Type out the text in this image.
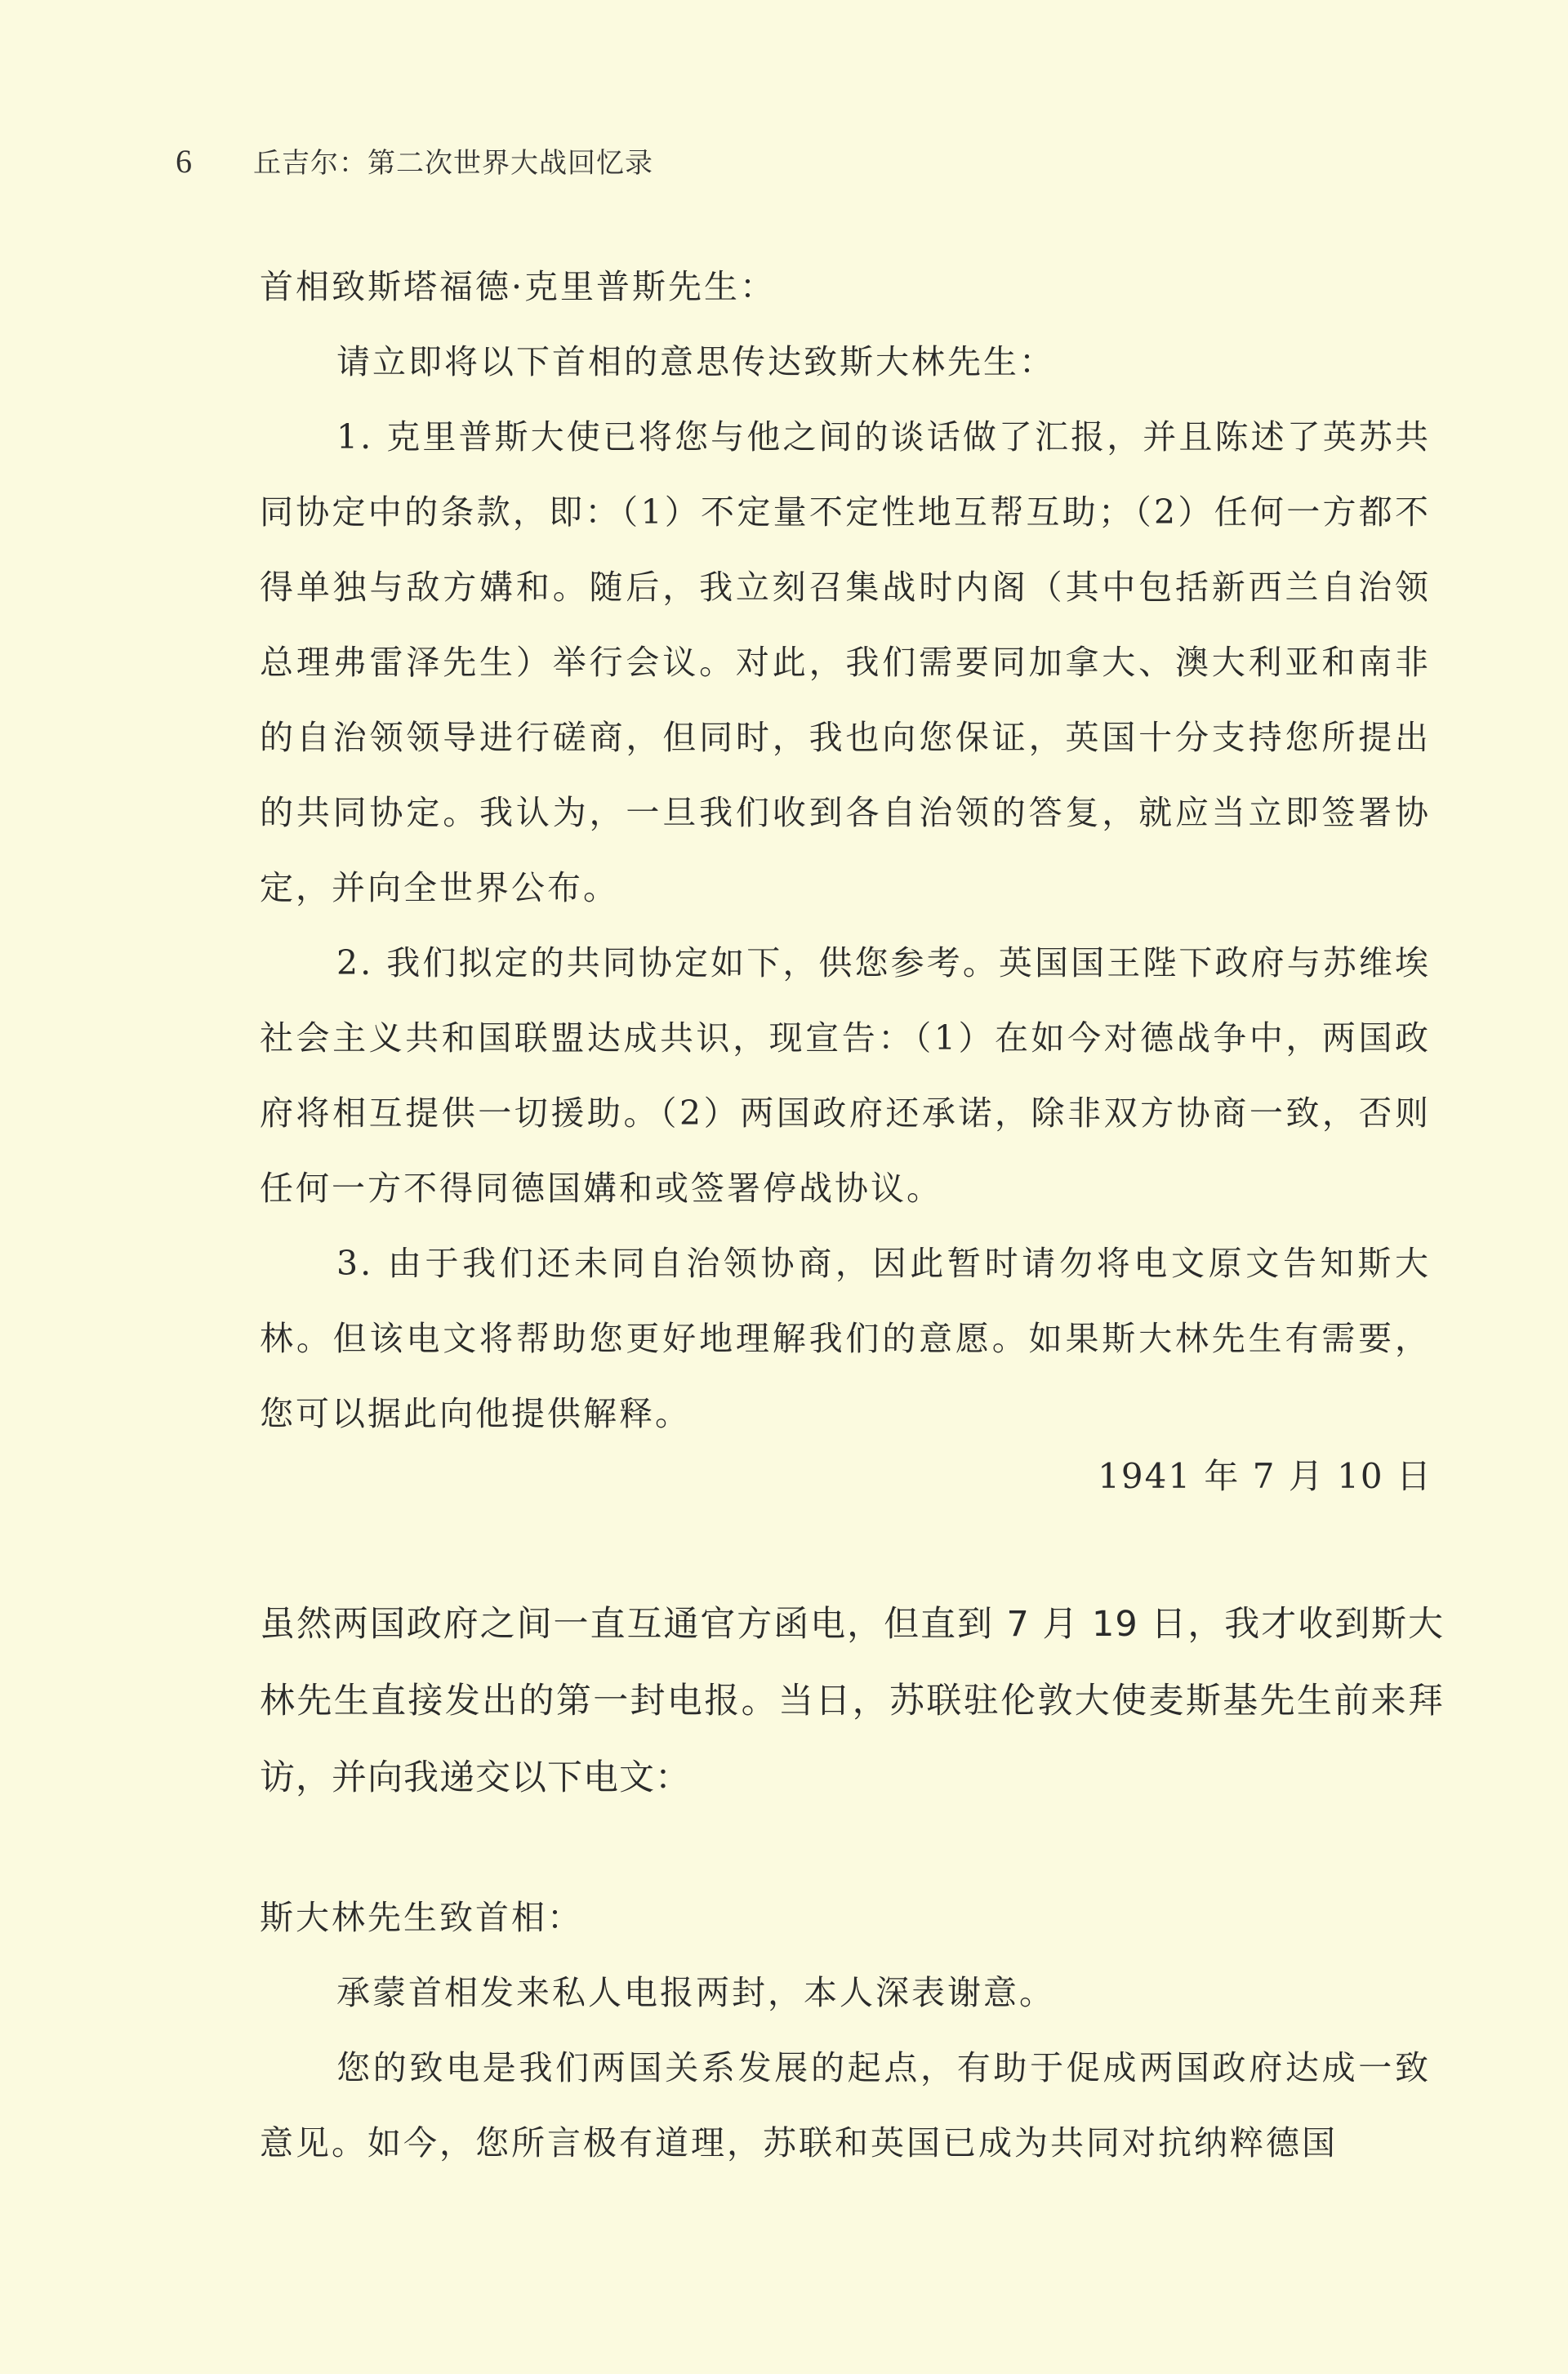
6 丘吉尔：第二次世界大战回忆录
首相致斯塔福德·克里普斯先生：

请立即将以下首相的意思传达致斯大林先生：

1. 克里普斯大使已将您与他之间的谈话做了汇报，并且陈述了英苏共同协定中的条款，即：（1）不定量不定性地互帮互助；（2）任何一方都不得单独与敌方媾和。随后，我立刻召集战时内阁（其中包括新西兰自治领总理弗雷泽先生）举行会议。对此，我们需要同加拿大、澳大利亚和南非的自治领领导进行磋商，但同时，我也向您保证，英国十分支持您所提出的共同协定。我认为，一旦我们收到各自治领的答复，就应当立即签署协定，并向全世界公布。

2. 我们拟定的共同协定如下，供您参考。英国国王陛下政府与苏维埃社会主义共和国联盟达成共识，现宣告：（1）在如今对德战争中，两国政府将相互提供一切援助。（2）两国政府还承诺，除非双方协商一致，否则任何一方不得同德国媾和或签署停战协议。

3. 由于我们还未同自治领协商，因此暂时请勿将电文原文告知斯大林。但该电文将帮助您更好地理解我们的意愿。如果斯大林先生有需要，您可以据此向他提供解释。

1941 年 7 月 10 日

虽然两国政府之间一直互通官方函电，但直到 7 月 19 日，我才收到斯大林先生直接发出的第一封电报。当日，苏联驻伦敦大使麦斯基先生前来拜访，并向我递交以下电文：

斯大林先生致首相：

承蒙首相发来私人电报两封，本人深表谢意。

您的致电是我们两国关系发展的起点，有助于促成两国政府达成一致意见。如今，您所言极有道理，苏联和英国已成为共同对抗纳粹德国
